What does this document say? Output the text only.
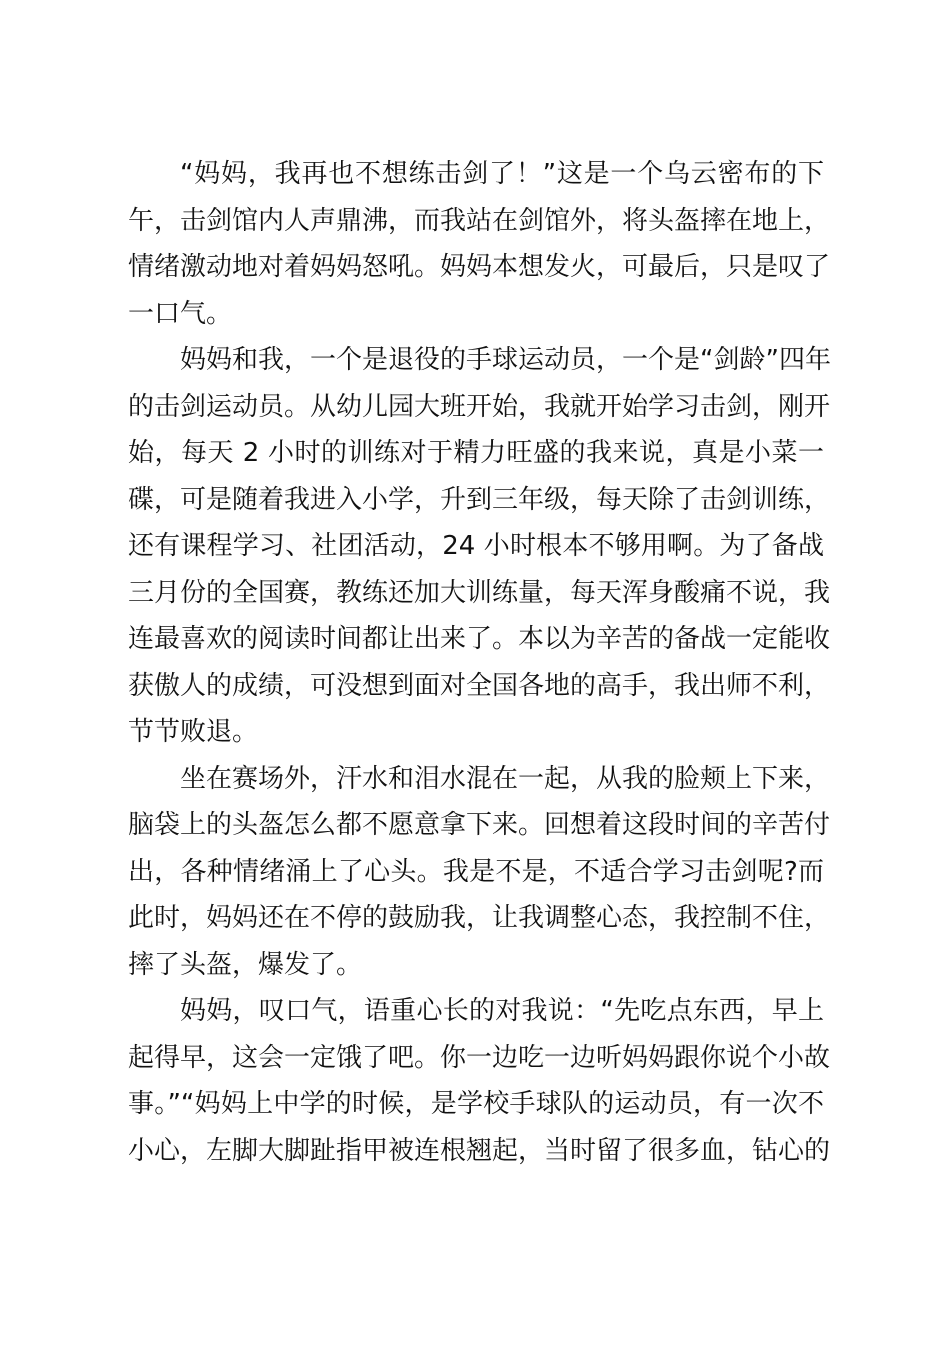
“妈妈，我再也不想练击剑了！”这是一个乌云密布的下
午，击剑馆内人声鼎沸，而我站在剑馆外，将头盔摔在地上，
情绪激动地对着妈妈怒吼。妈妈本想发火，可最后，只是叹了
一口气。
妈妈和我，一个是退役的手球运动员，一个是“剑龄”四年
的击剑运动员。从幼儿园大班开始，我就开始学习击剑，刚开
始，每天 2 小时的训练对于精力旺盛的我来说，真是小菜一
碟，可是随着我进入小学，升到三年级，每天除了击剑训练，
还有课程学习、社团活动，24 小时根本不够用啊。为了备战
三月份的全国赛，教练还加大训练量，每天浑身酸痛不说，我
连最喜欢的阅读时间都让出来了。本以为辛苦的备战一定能收
获傲人的成绩，可没想到面对全国各地的高手，我出师不利，
节节败退。
坐在赛场外，汗水和泪水混在一起，从我的脸颊上下来，
脑袋上的头盔怎么都不愿意拿下来。回想着这段时间的辛苦付
出，各种情绪涌上了心头。我是不是，不适合学习击剑呢?而
此时，妈妈还在不停的鼓励我，让我调整心态，我控制不住，
摔了头盔，爆发了。
妈妈，叹口气，语重心长的对我说：“先吃点东西，早上
起得早，这会一定饿了吧。你一边吃一边听妈妈跟你说个小故
事。”“妈妈上中学的时候，是学校手球队的运动员，有一次不
小心，左脚大脚趾指甲被连根翘起，当时留了很多血，钻心的
